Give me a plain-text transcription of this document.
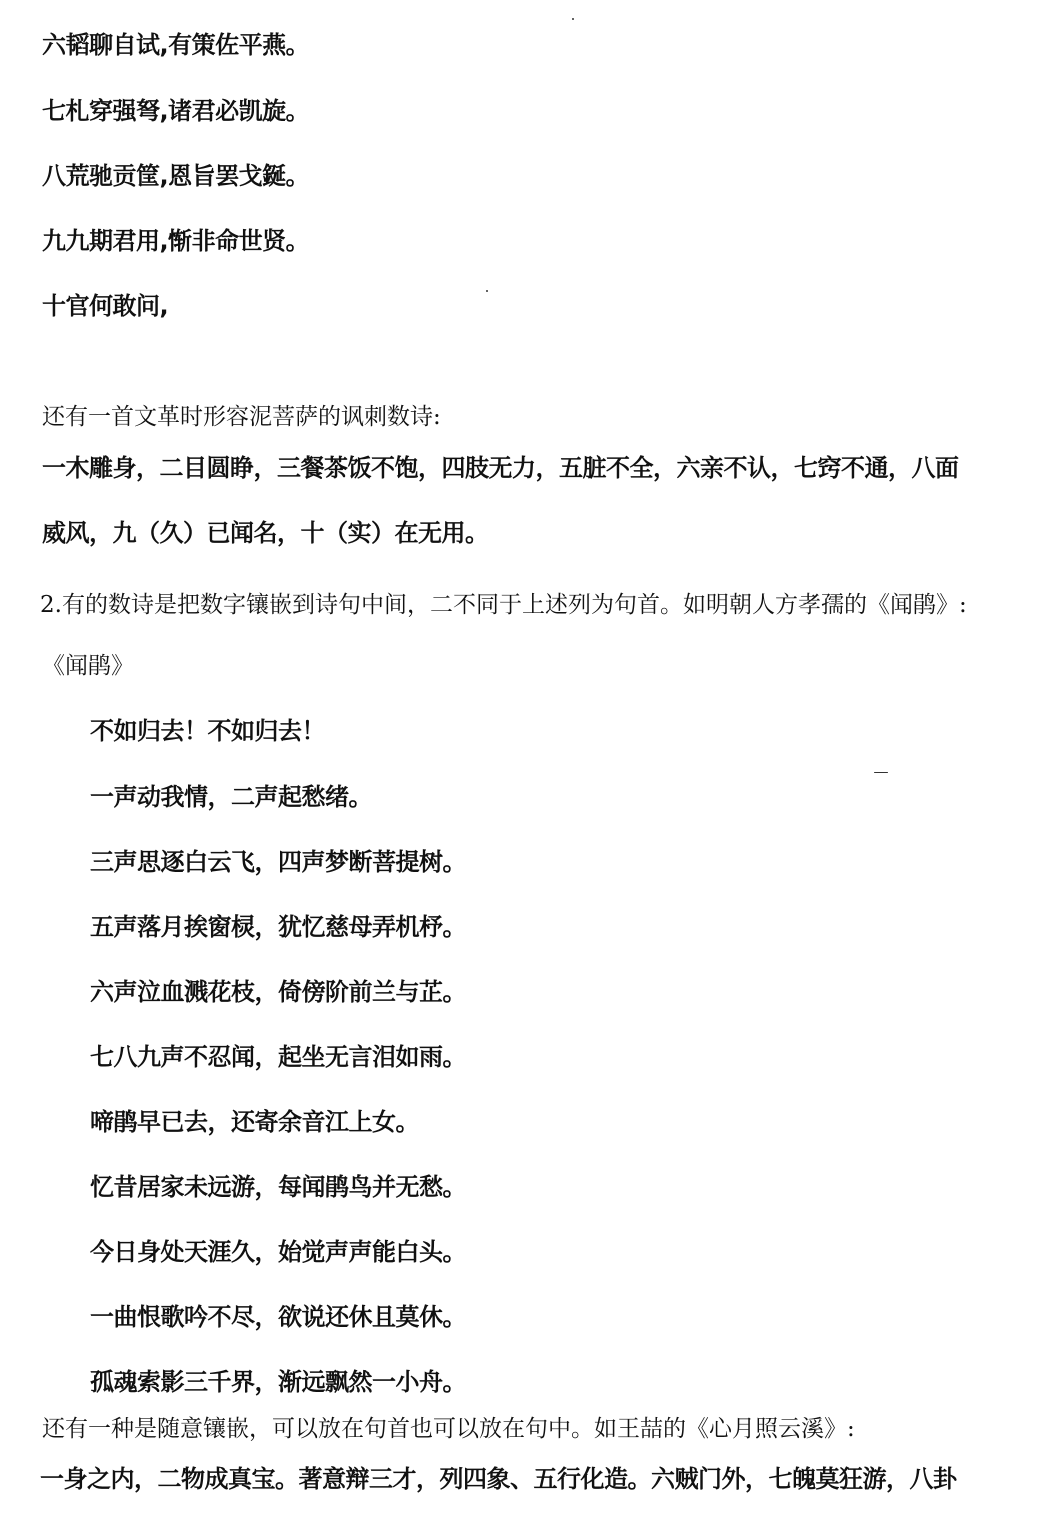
六韬聊自试,有策佐平燕。
七札穿强弩,诸君必凯旋。
八荒驰贡筐,恩旨罢戈鋋。
九九期君用,惭非命世贤。
十官何敢问,
还有一首文革时形容泥菩萨的讽刺数诗:
一木雕身，二目圆睁，三餐茶饭不饱，四肢无力，五脏不全，六亲不认，七窍不通，八面
威风，九（久）已闻名，十（实）在无用。
2.有的数诗是把数字镶嵌到诗句中间，二不同于上述列为句首。如明朝人方孝孺的《闻鹃》:
《闻鹃》
不如归去！不如归去！
一声动我情，二声起愁绪。
三声思逐白云飞，四声梦断菩提树。
五声落月挨窗棂，犹忆慈母弄机杼。
六声泣血溅花枝，倚傍阶前兰与芷。
七八九声不忍闻，起坐无言泪如雨。
啼鹃早已去，还寄余音江上女。
忆昔居家未远游，每闻鹃鸟并无愁。
今日身处天涯久，始觉声声能白头。
一曲恨歌吟不尽，欲说还休且莫休。
孤魂索影三千界，渐远飘然一小舟。
还有一种是随意镶嵌，可以放在句首也可以放在句中。如王喆的《心月照云溪》:
一身之内，二物成真宝。著意辩三才，列四象、五行化造。六贼门外，七魄莫狂游，八卦
